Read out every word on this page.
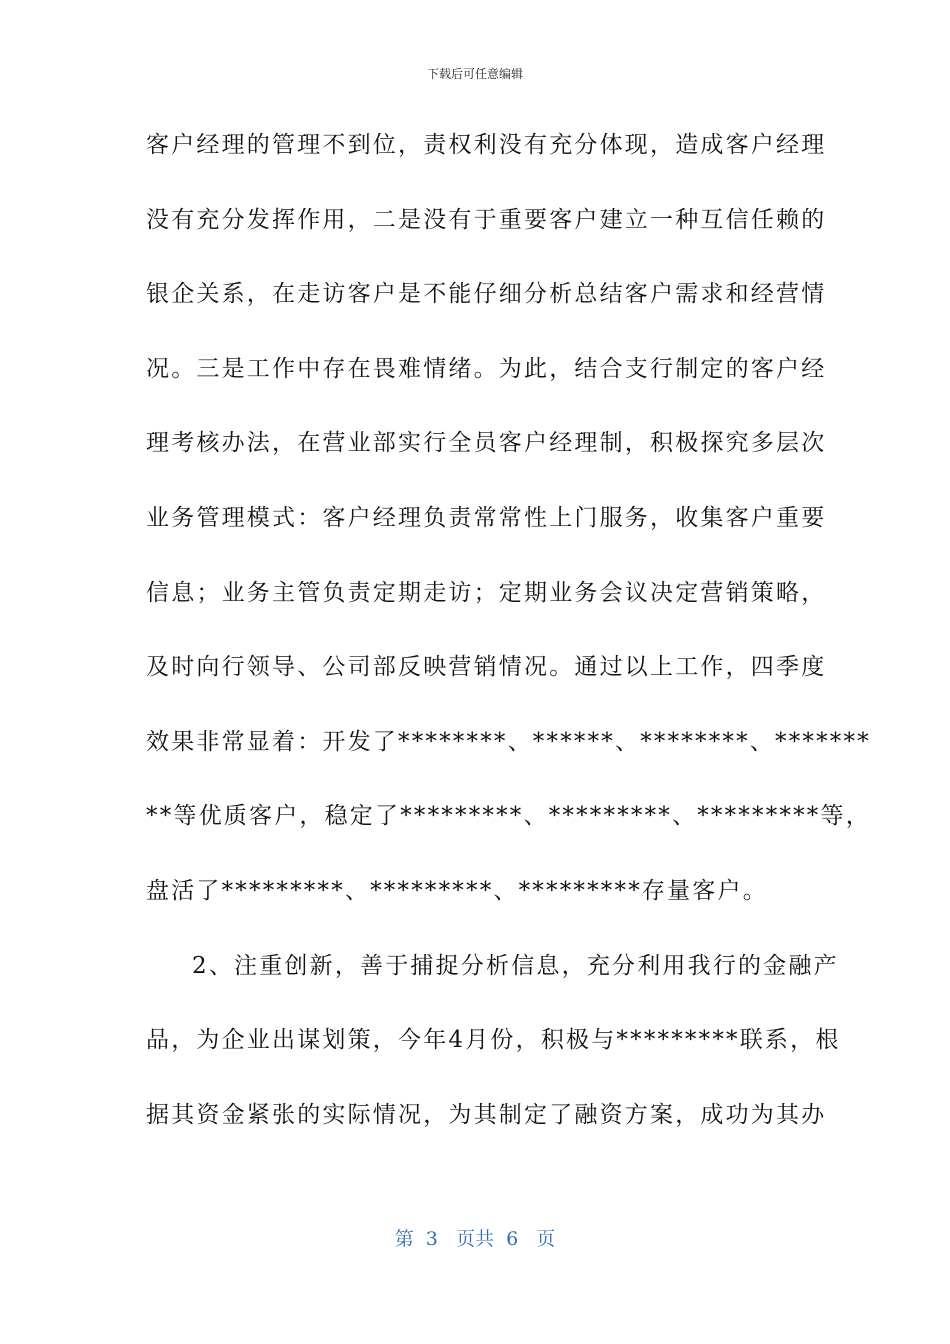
下载后可任意编辑
客户经理的管理不到位，责权利没有充分体现，造成客户经理
没有充分发挥作用，二是没有于重要客户建立一种互信任赖的
银企关系，在走访客户是不能仔细分析总结客户需求和经营情
况。三是工作中存在畏难情绪。为此，结合支行制定的客户经
理考核办法，在营业部实行全员客户经理制，积极探究多层次
业务管理模式：客户经理负责常常性上门服务，收集客户重要
信息；业务主管负责定期走访；定期业务会议决定营销策略，
及时向行领导、公司部反映营销情况。通过以上工作，四季度
效果非常显着：开发了********、******、********、*******
**等优质客户，稳定了*********、*********、*********等，
盘活了*********、*********、*********存量客户。
2、注重创新，善于捕捉分析信息，充分利用我行的金融产
品，为企业出谋划策，今年4月份，积极与*********联系，根
据其资金紧张的实际情况，为其制定了融资方案，成功为其办
第  3   页共  6   页
